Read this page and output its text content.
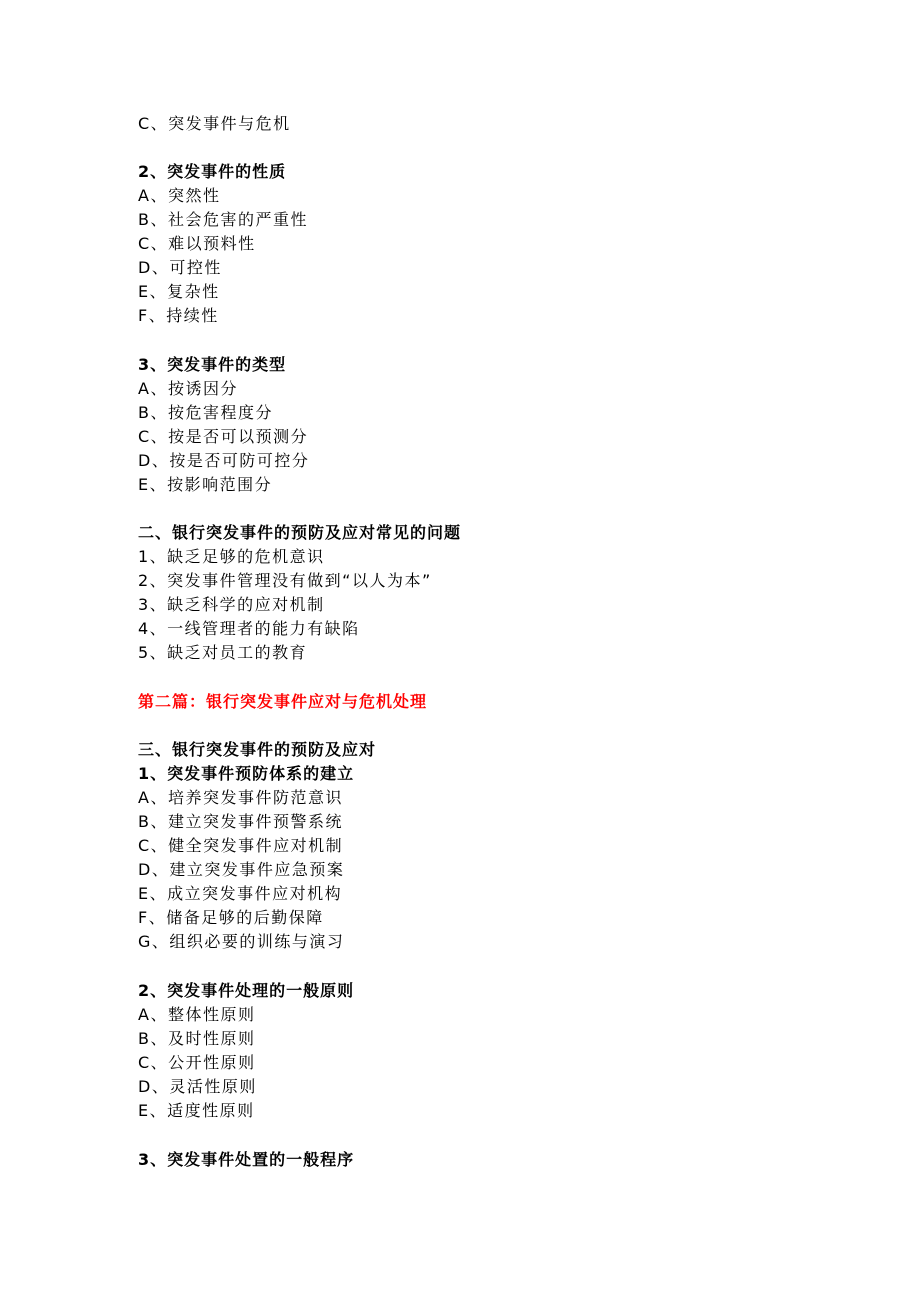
C、突发事件与危机
2、突发事件的性质
A、突然性
B、社会危害的严重性
C、难以预料性
D、可控性
E、复杂性
F、持续性
3、突发事件的类型
A、按诱因分
B、按危害程度分
C、按是否可以预测分
D、按是否可防可控分
E、按影响范围分
二、银行突发事件的预防及应对常见的问题
1、缺乏足够的危机意识
2、突发事件管理没有做到“以人为本”
3、缺乏科学的应对机制
4、一线管理者的能力有缺陷
5、缺乏对员工的教育
第二篇：银行突发事件应对与危机处理
三、银行突发事件的预防及应对
1、突发事件预防体系的建立
A、培养突发事件防范意识
B、建立突发事件预警系统
C、健全突发事件应对机制
D、建立突发事件应急预案
E、成立突发事件应对机构
F、储备足够的后勤保障
G、组织必要的训练与演习
2、突发事件处理的一般原则
A、整体性原则
B、及时性原则
C、公开性原则
D、灵活性原则
E、适度性原则
3、突发事件处置的一般程序
